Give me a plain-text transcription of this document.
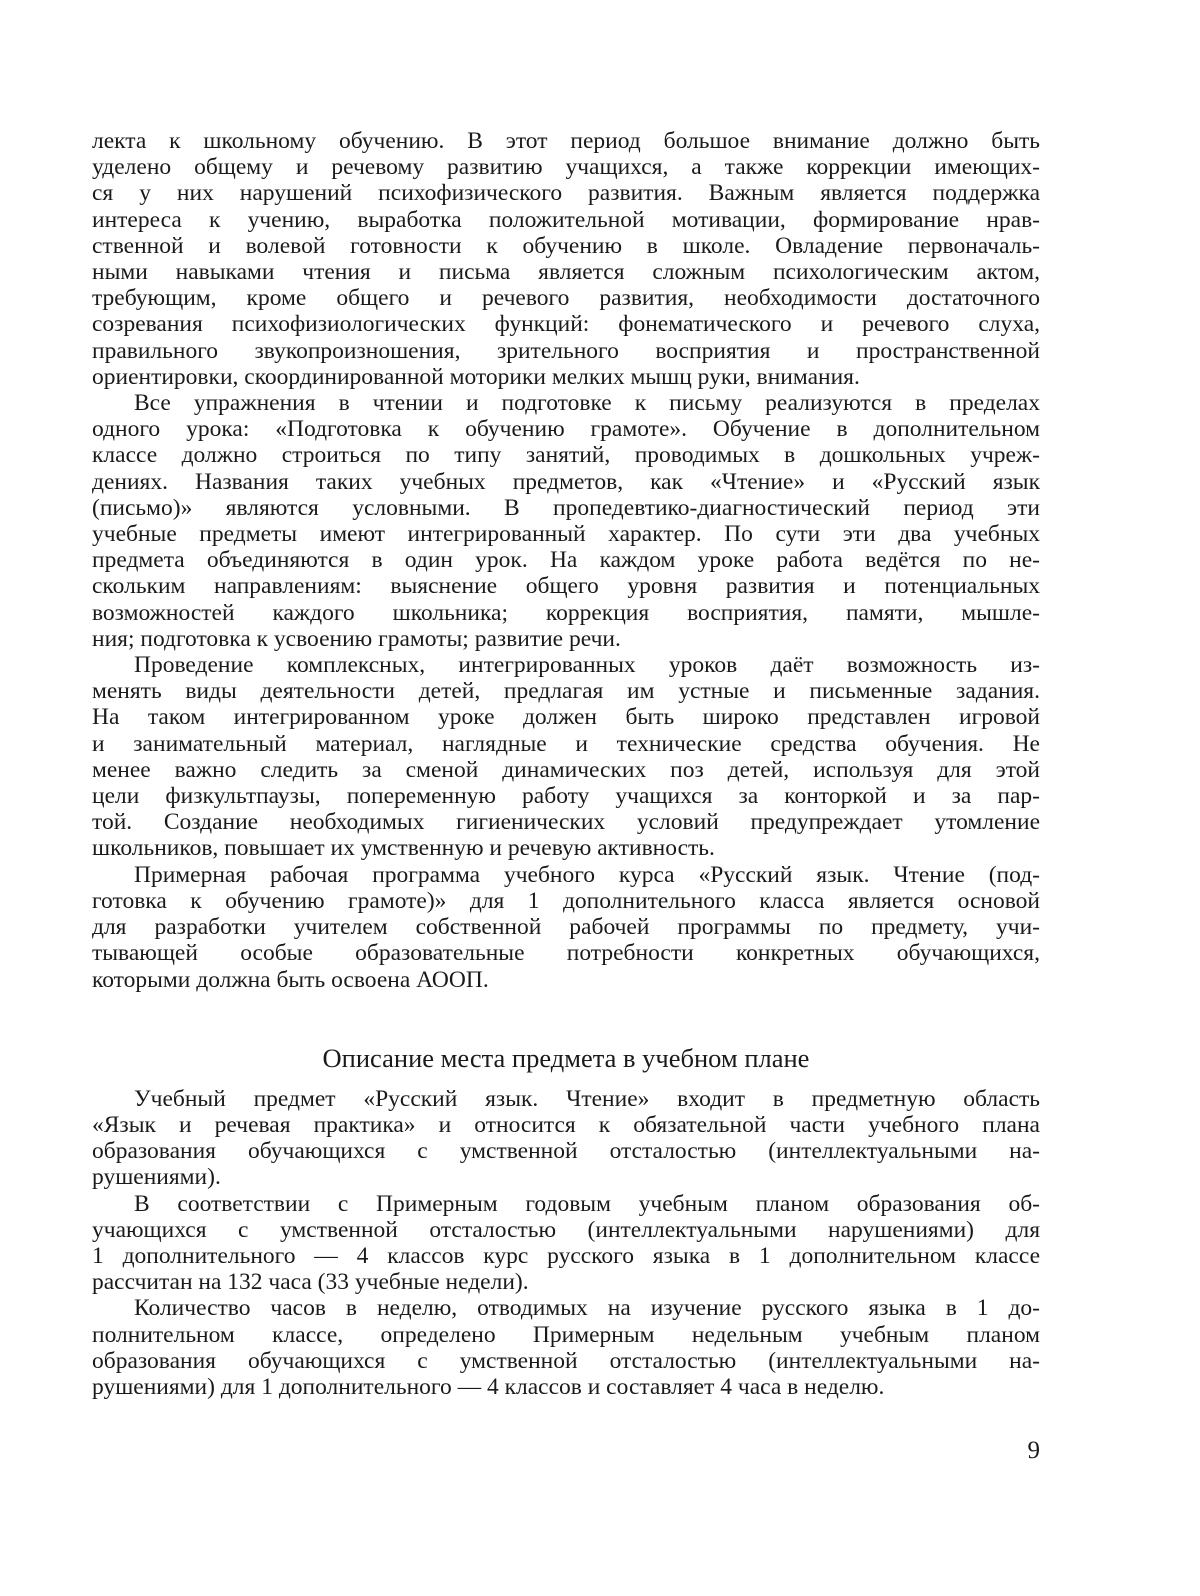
лекта к школьному обучению. В этот период большое внимание должно быть
уделено общему и речевому развитию учащихся, а также коррекции имеющих-
ся у них нарушений психофизического развития. Важным является поддержка
интереса к учению, выработка положительной мотивации, формирование нрав-
ственной и волевой готовности к обучению в школе. Овладение первоначаль-
ными навыками чтения и письма является сложным психологическим актом,
требующим, кроме общего и речевого развития, необходимости достаточного
созревания психофизиологических функций: фонематического и речевого слуха,
правильного звукопроизношения, зрительного восприятия и пространственной
ориентировки, скоординированной моторики мелких мышц руки, внимания.

Все упражнения в чтении и подготовке к письму реализуются в пределах
одного урока: «Подготовка к обучению грамоте». Обучение в дополнительном
классе должно строиться по типу занятий, проводимых в дошкольных учреж-
дениях. Названия таких учебных предметов, как «Чтение» и «Русский язык
(письмо)» являются условными. В пропедевтико-диагностический период эти
учебные предметы имеют интегрированный характер. По сути эти два учебных
предмета объединяются в один урок. На каждом уроке работа ведётся по не-
скольким направлениям: выяснение общего уровня развития и потенциальных
возможностей каждого школьника; коррекция восприятия, памяти, мышле-
ния; подготовка к усвоению грамоты; развитие речи.

Проведение комплексных, интегрированных уроков даёт возможность из-
менять виды деятельности детей, предлагая им устные и письменные задания.
На таком интегрированном уроке должен быть широко представлен игровой
и занимательный материал, наглядные и технические средства обучения. Не
менее важно следить за сменой динамических поз детей, используя для этой
цели физкультпаузы, попеременную работу учащихся за конторкой и за пар-
той. Создание необходимых гигиенических условий предупреждает утомление
школьников, повышает их умственную и речевую активность.

Примерная рабочая программа учебного курса «Русский язык. Чтение (под-
готовка к обучению грамоте)» для 1 дополнительного класса является основой
для разработки учителем собственной рабочей программы по предмету, учи-
тывающей особые образовательные потребности конкретных обучающихся,
которыми должна быть освоена АООП.

Описание места предмета в учебном плане

Учебный предмет «Русский язык. Чтение» входит в предметную область
«Язык и речевая практика» и относится к обязательной части учебного плана
образования обучающихся с умственной отсталостью (интеллектуальными на-
рушениями).

В соответствии с Примерным годовым учебным планом образования об-
учающихся с умственной отсталостью (интеллектуальными нарушениями) для
1 дополнительного — 4 классов курс русского языка в 1 дополнительном классе
рассчитан на 132 часа (33 учебные недели).

Количество часов в неделю, отводимых на изучение русского языка в 1 до-
полнительном классе, определено Примерным недельным учебным планом
образования обучающихся с умственной отсталостью (интеллектуальными на-
рушениями) для 1 дополнительного — 4 классов и составляет 4 часа в неделю.

9
